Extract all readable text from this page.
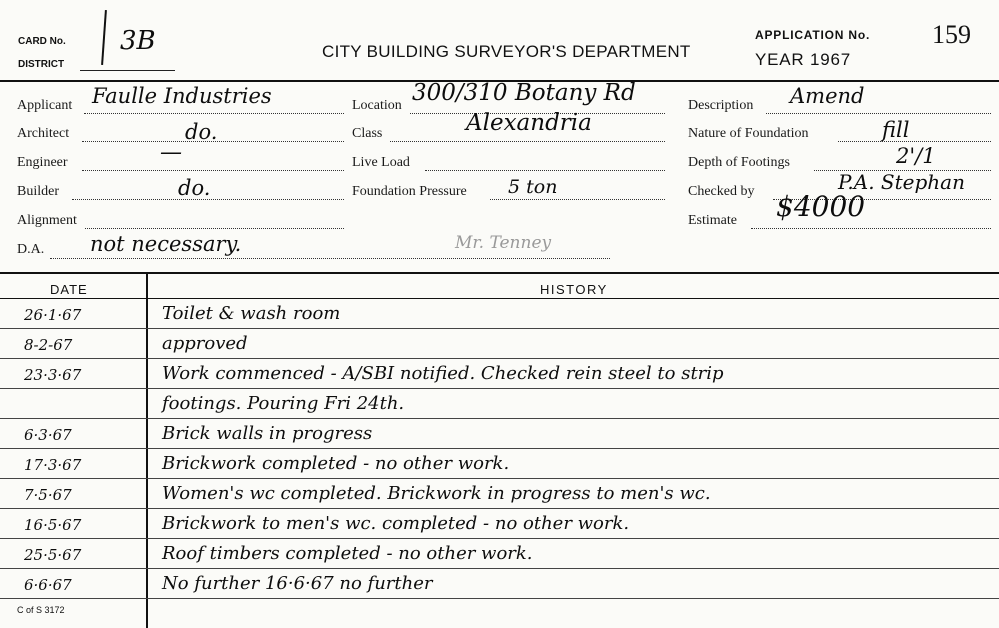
CARD No. 3B
DISTRICT
CITY BUILDING SURVEYOR'S DEPARTMENT
APPLICATION No. 159
YEAR 1967
Applicant Faulle Industries
Architect	do.
Engineer	—
Builder	do.
Alignment
D.A. not necessary.	Mr. Tenney
Location 300/310 Botany Rd
Class	Alexandria
Live Load
Foundation Pressure 5 ton
Description Amend
Nature of Foundation	fill
Depth of Footings	2'/1
Checked by	P.A. Stephan
Estimate $4000
DATE	HISTORY
26·1·67	Toilet & wash room
8-2-67	approved
23·3·67	Work commenced - A/SBI notified. Checked rein steel to strip
footings. Pouring Fri 24th.
6·3·67	Brick walls in progress
17·3·67	Brickwork completed - no other work.
7·5·67	Women's wc completed. Brickwork in progress to men's wc.
16·5·67	Brickwork to men's wc. completed - no other work.
25·5·67	Roof timbers completed - no other work.
6·6·67	No further 16·6·67 no further
C of S 3172
